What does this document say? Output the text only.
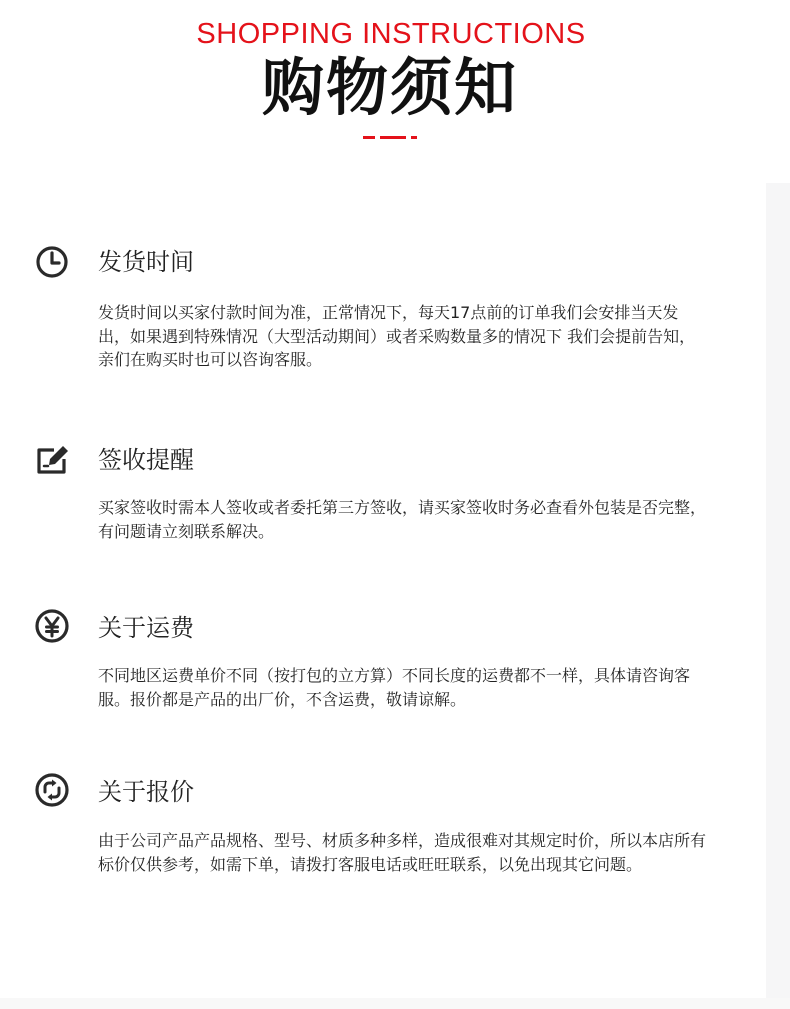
SHOPPING INSTRUCTIONS
购物须知
发货时间
发货时间以买家付款时间为准，正常情况下，每天17点前的订单我们会安排当天发出，如果遇到特殊情况（大型活动期间）或者采购数量多的情况下 我们会提前告知，亲们在购买时也可以咨询客服。
签收提醒
买家签收时需本人签收或者委托第三方签收，请买家签收时务必查看外包装是否完整，有问题请立刻联系解决。
关于运费
不同地区运费单价不同（按打包的立方算）不同长度的运费都不一样，具体请咨询客服。报价都是产品的出厂价，不含运费，敬请谅解。
关于报价
由于公司产品产品规格、型号、材质多种多样，造成很难对其规定时价，所以本店所有标价仅供参考，如需下单，请拨打客服电话或旺旺联系，以免出现其它问题。
